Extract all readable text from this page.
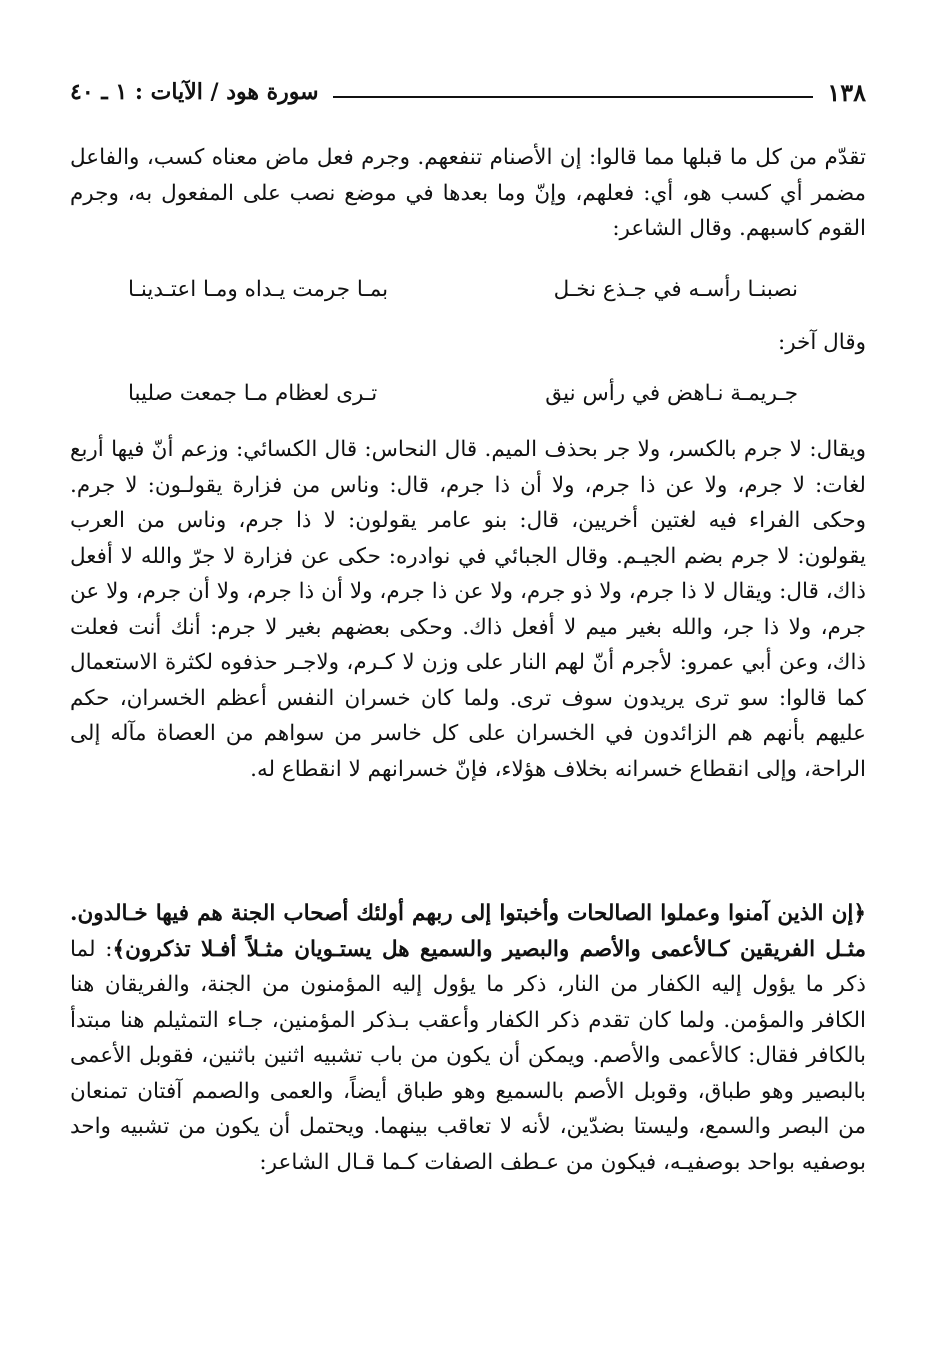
١٣٨
سورة هود / الآيات : ١ ـ ٤٠

تقدّم من كل ما قبلها مما قالوا: إن الأصنام تنفعهم. وجرم فعل ماض معناه كسب، والفاعل مضمر أي كسب هو، أي: فعلهم، وإنّ وما بعدها في موضع نصب على المفعول به، وجرم القوم كاسبهم. وقال الشاعر:

نصبنـا رأسـه في جـذع نخـل
بمـا جرمت يـداه ومـا اعتـدينـا

وقال آخر:

جـريمـة نـاهض في رأس نيق
تـرى لعظام مـا جمعت صليبا

ويقال: لا جرم بالكسر، ولا جر بحذف الميم. قال النحاس: قال الكسائي: وزعم أنّ فيها أربع لغات: لا جرم، ولا عن ذا جرم، ولا أن ذا جرم، قال: وناس من فزارة يقولـون: لا جرم. وحكى الفراء فيه لغتين أخريين، قال: بنو عامر يقولون: لا ذا جرم، وناس من العرب يقولون: لا جرم بضم الجيـم. وقال الجبائي في نوادره: حكى عن فزارة لا جرّ والله لا أفعل ذاك، قال: ويقال لا ذا جرم، ولا ذو جرم، ولا عن ذا جرم، ولا أن ذا جرم، ولا أن جرم، ولا عن جرم، ولا ذا جر، والله بغير ميم لا أفعل ذاك. وحكى بعضهم بغير لا جرم: أنك أنت فعلت ذاك، وعن أبي عمرو: لأجرم أنّ لهم النار على وزن لا كـرم، ولاجـر حذفوه لكثرة الاستعمال كما قالوا: سو ترى يريدون سوف ترى. ولما كان خسران النفس أعظم الخسران، حكم عليهم بأنهم هم الزائدون في الخسران على كل خاسر من سواهم من العصاة مآله إلى الراحة، وإلى انقطاع خسرانه بخلاف هؤلاء، فإنّ خسرانهم لا انقطاع له.

﴿إن الذين آمنوا وعملوا الصالحات وأخبتوا إلى ربهم أولئك أصحاب الجنة هم فيها خـالدون. مثـل الفريقين كـالأعمى والأصم والبصير والسميع هل يستـويان مثـلاً أفـلا تذكرون﴾: لما ذكر ما يؤول إليه الكفار من النار، ذكر ما يؤول إليه المؤمنون من الجنة، والفريقان هنا الكافر والمؤمن. ولما كان تقدم ذكر الكفار وأعقب بـذكر المؤمنين، جـاء التمثيلم هنا مبتدأ بالكافر فقال: كالأعمى والأصم. ويمكن أن يكون من باب تشبيه اثنين باثنين، فقوبل الأعمى بالبصير وهو طباق، وقوبل الأصم بالسميع وهو طباق أيضاً، والعمى والصمم آفتان تمنعان من البصر والسمع، وليستا بضدّين، لأنه لا تعاقب بينهما. ويحتمل أن يكون من تشبيه واحد بوصفيه بواحد بوصفيـه، فيكون من عـطف الصفات كـما قـال الشاعر:
